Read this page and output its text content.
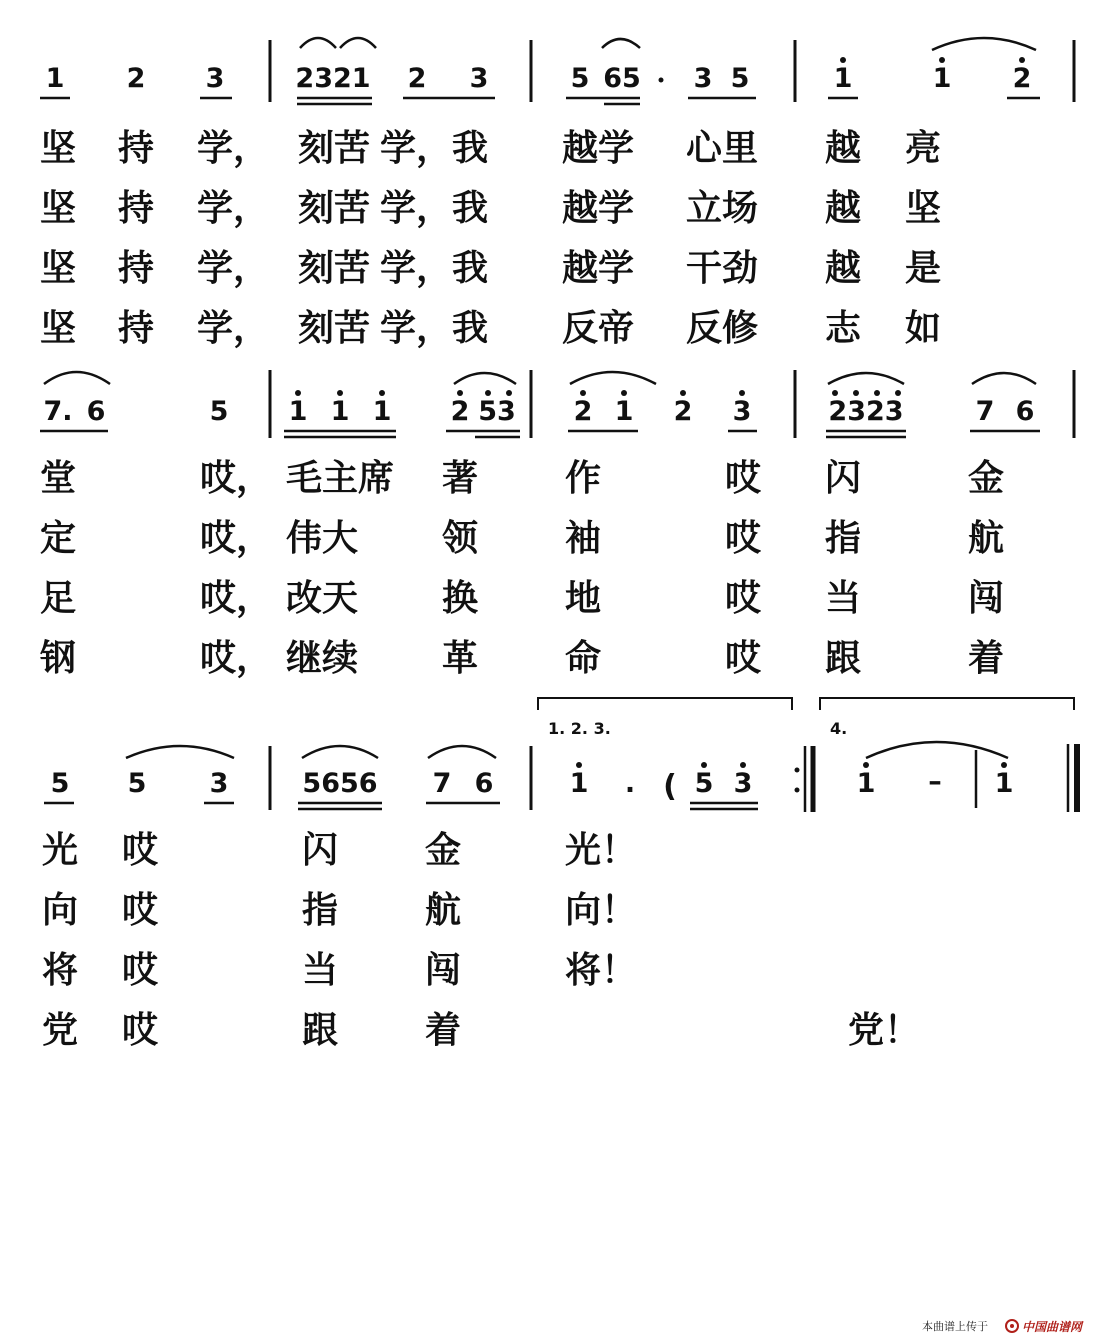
1 2 3	2321 2 3	5 65 3 5	1	1 2
坚 持 学， 刻苦 学，我 越学 心里 越 亮
坚 持 学， 刻苦 学，我 越学 立场 越 坚
坚 持 学， 刻苦 学，我 越学 干劲 越 是
坚 持 学， 刻苦 学，我 反帝 反修 志 如
7. 6	5 1 1 1 2 53 2 1 2 3	2323	7 6
堂	哎， 毛主席 著 作	哎 闪	金
定	哎， 伟大 领 袖	哎 指	航
足	哎， 改天 换 地	哎 当	闯
钢	哎， 继续 革 命	哎 跟	着
1. 2. 3.	4.
5 5 3	5656 7 6	1 . ( 5 3	1 – 1
光 哎	闪 金	光！
向 哎	指 航	向！
将 哎	当 闯	将！
党 哎	跟 着	党！
本曲谱上传于	中国曲谱网
